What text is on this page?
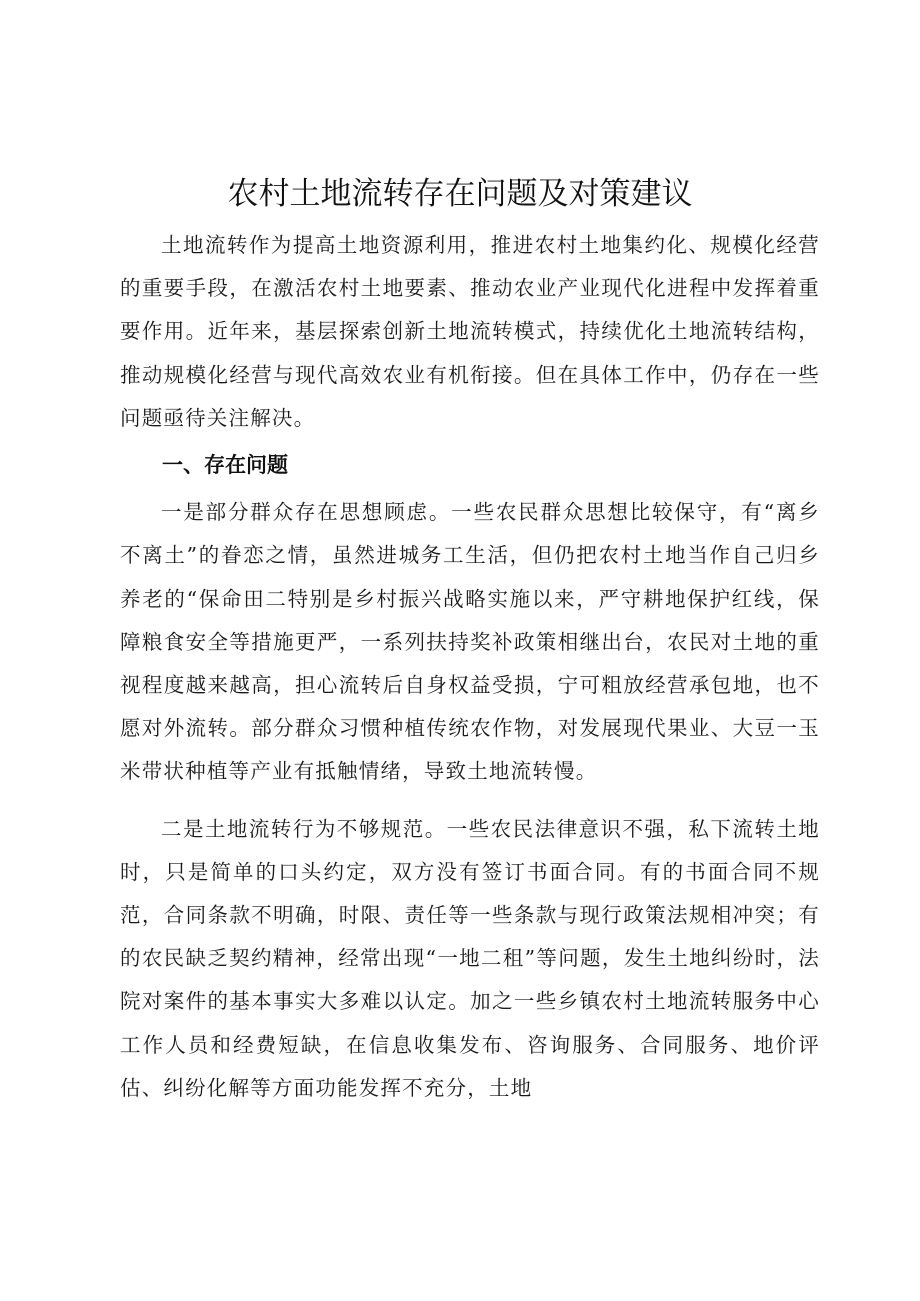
农村土地流转存在问题及对策建议

土地流转作为提高土地资源利用，推进农村土地集约化、规模化经营的重要手段，在激活农村土地要素、推动农业产业现代化进程中发挥着重要作用。近年来，基层探索创新土地流转模式，持续优化土地流转结构，推动规模化经营与现代高效农业有机衔接。但在具体工作中，仍存在一些问题亟待关注解决。

一、存在问题

一是部分群众存在思想顾虑。一些农民群众思想比较保守，有“离乡不离土”的眷恋之情，虽然进城务工生活，但仍把农村土地当作自己归乡养老的“保命田二特别是乡村振兴战略实施以来，严守耕地保护红线，保障粮食安全等措施更严，一系列扶持奖补政策相继出台，农民对土地的重视程度越来越高，担心流转后自身权益受损，宁可粗放经营承包地，也不愿对外流转。部分群众习惯种植传统农作物，对发展现代果业、大豆一玉米带状种植等产业有抵触情绪，导致土地流转慢。

二是土地流转行为不够规范。一些农民法律意识不强，私下流转土地时，只是简单的口头约定，双方没有签订书面合同。有的书面合同不规范，合同条款不明确，时限、责任等一些条款与现行政策法规相冲突；有的农民缺乏契约精神，经常出现“一地二租”等问题，发生土地纠纷时，法院对案件的基本事实大多难以认定。加之一些乡镇农村土地流转服务中心工作人员和经费短缺，在信息收集发布、咨询服务、合同服务、地价评估、纠纷化解等方面功能发挥不充分，土地
